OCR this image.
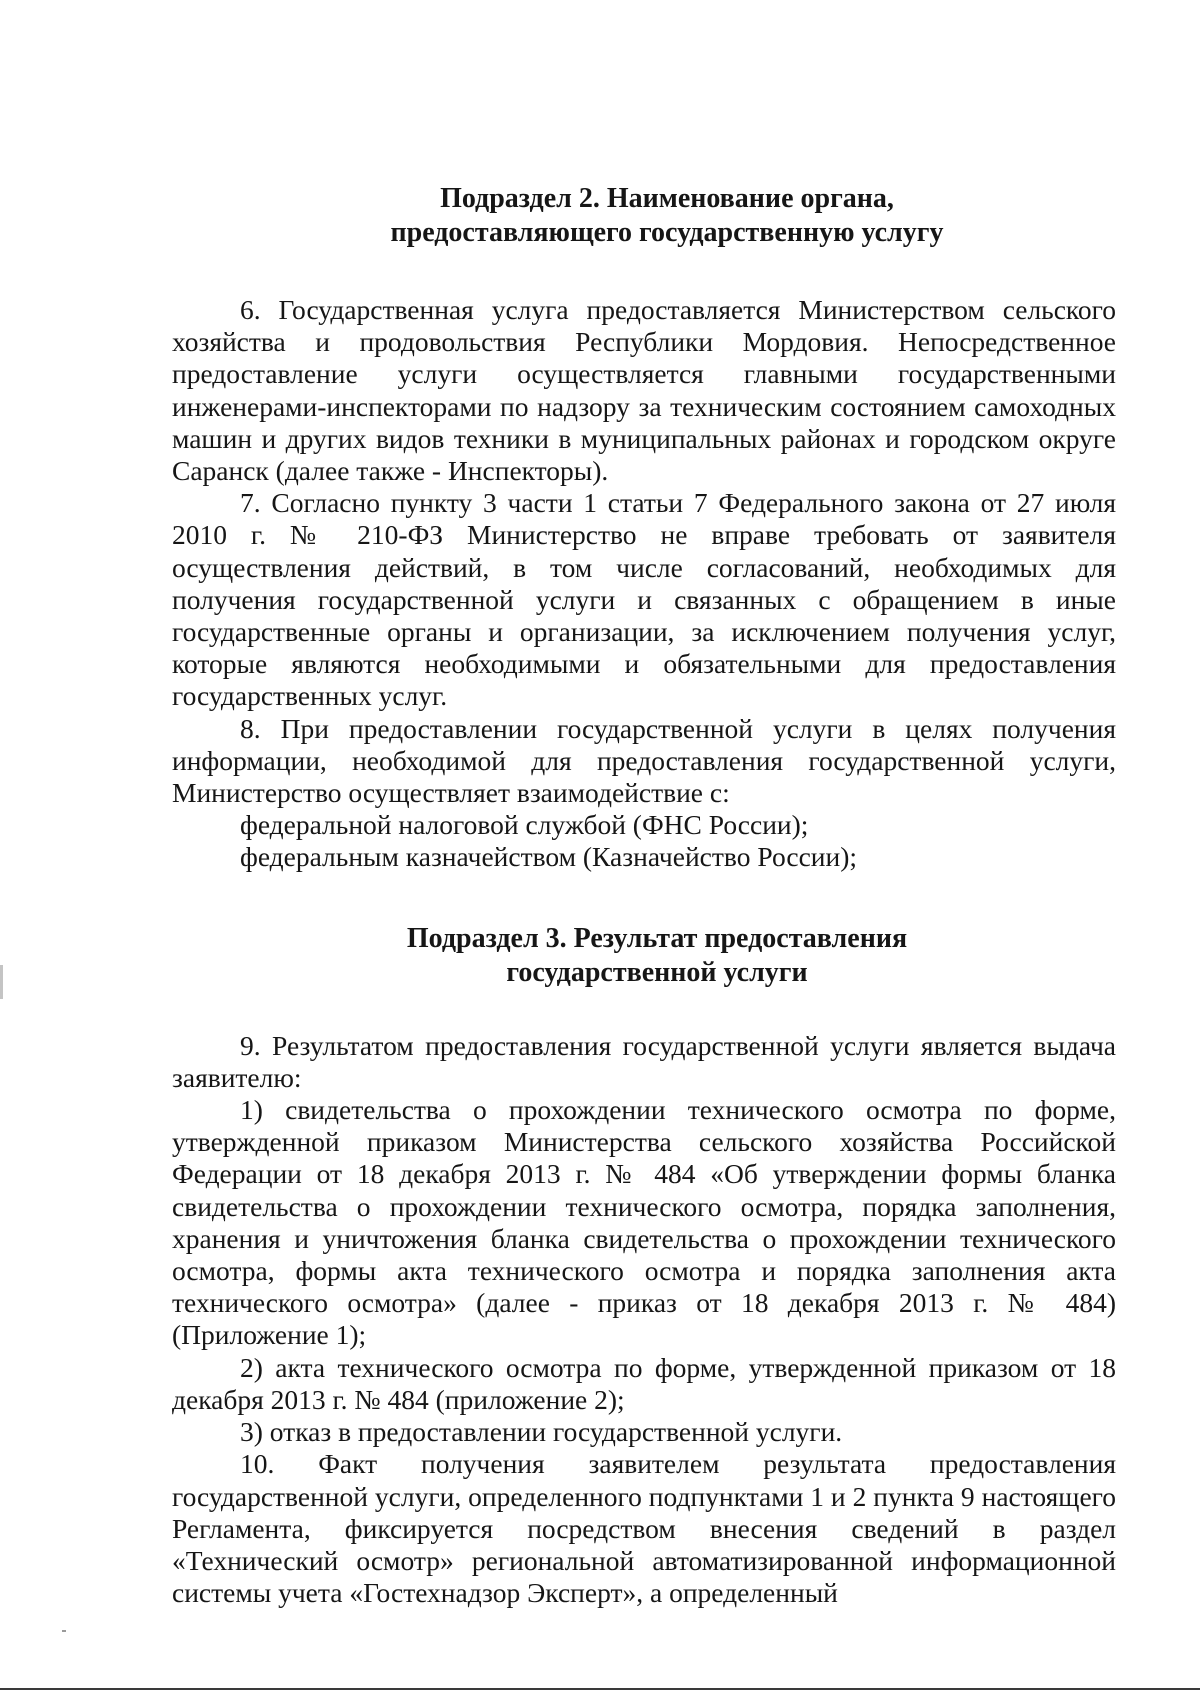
Подраздел 2. Наименование органа,
предоставляющего государственную услугу

6. Государственная услуга предоставляется Министерством сельского хозяйства и продовольствия Республики Мордовия. Непосредственное предоставление услуги осуществляется главными государственными инженерами-инспекторами по надзору за техническим состоянием самоходных машин и других видов техники в муниципальных районах и городском округе Саранск (далее также - Инспекторы).

7. Согласно пункту 3 части 1 статьи 7 Федерального закона от 27 июля 2010 г. № 210-ФЗ Министерство не вправе требовать от заявителя осуществления действий, в том числе согласований, необходимых для получения государственной услуги и связанных с обращением в иные государственные органы и организации, за исключением получения услуг, которые являются необходимыми и обязательными для предоставления государственных услуг.

8. При предоставлении государственной услуги в целях получения информации, необходимой для предоставления государственной услуги, Министерство осуществляет взаимодействие с:

федеральной налоговой службой (ФНС России);

федеральным казначейством (Казначейство России);

Подраздел 3. Результат предоставления
государственной услуги

9. Результатом предоставления государственной услуги является выдача заявителю:

1) свидетельства о прохождении технического осмотра по форме, утвержденной приказом Министерства сельского хозяйства Российской Федерации от 18 декабря 2013 г. № 484 «Об утверждении формы бланка свидетельства о прохождении технического осмотра, порядка заполнения, хранения и уничтожения бланка свидетельства о прохождении технического осмотра, формы акта технического осмотра и порядка заполнения акта технического осмотра» (далее - приказ от 18 декабря 2013 г. № 484) (Приложение 1);

2) акта технического осмотра по форме, утвержденной приказом от 18 декабря 2013 г. № 484 (приложение 2);

3) отказ в предоставлении государственной услуги.

10. Факт получения заявителем результата предоставления государственной услуги, определенного подпунктами 1 и 2 пункта 9 настоящего Регламента, фиксируется посредством внесения сведений в раздел «Технический осмотр» региональной автоматизированной информационной системы учета «Гостехнадзор Эксперт», а определенный
